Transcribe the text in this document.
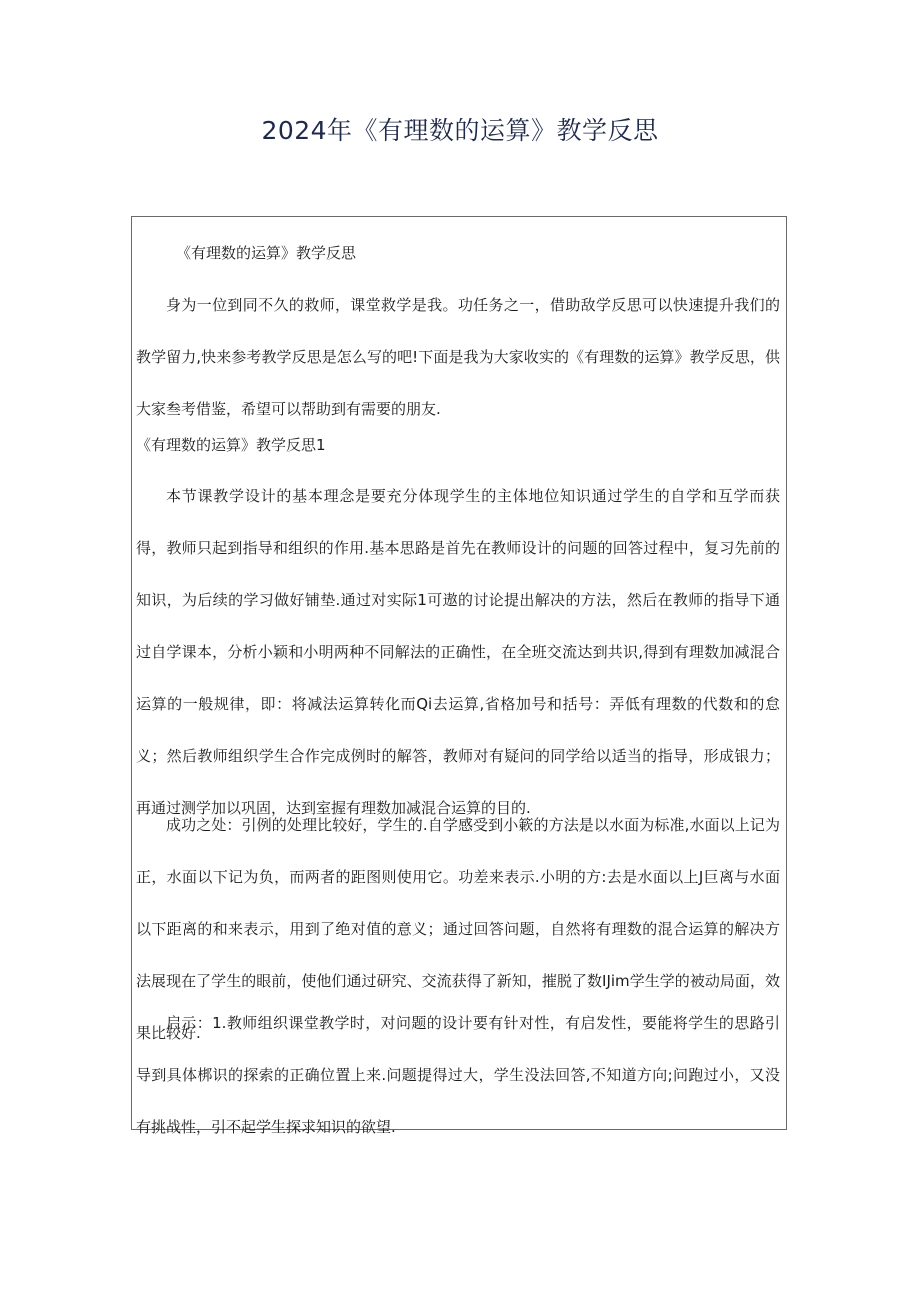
2024年《有理数的运算》教学反思

《有理数的运算》教学反思

身为一位到同不久的救师，课堂救学是我。功任务之一，借助敌学反思可以快速提升我们的教学留力,快来参考教学反思是怎么写的吧!下面是我为大家收实的《有理数的运算》教学反思，供大家叁考借鉴，希望可以帮助到有需要的朋友.

《有理数的运算》教学反思1

本节课教学设计的基本理念是要充分体现学生的主体地位知识通过学生的自学和互学而获得，教师只起到指导和组织的作用.基本思路是首先在教师设计的问题的回答过程中，复习先前的知识，为后续的学习做好铺垫.通过对实际1可遨的讨论提出解决的方法，然后在教师的指导下通过自学课本，分析小颖和小明两种不同解法的正确性，在全班交流达到共识,得到有理数加减混合运算的一般规律，即：将减法运算转化而Qi去运算,省格加号和括号：弄低有理数的代数和的怠义；然后教师组织学生合作完成例时的解答，教师对有疑问的同学给以适当的指导，形成银力；再通过测学加以巩固，达到室握有理数加减混合运算的目的.

成功之处：引例的处理比较好，学生的.自学感受到小簌的方法是以水面为标准,水面以上记为正，水面以下记为负，而两者的距图则使用它。功差来表示.小明的方:去是水面以上J巨离与水面以下距离的和来表示，用到了绝对值的意义；通过回答问题，自然将有理数的混合运算的解决方法展现在了学生的眼前，使他们通过研究、交流获得了新知，摧脱了数IJim学生学的被动局面，效果比较好.

启示：1.教师组织课堂教学时，对问题的设计要有针对性，有启发性，要能将学生的思路引导到具体梆识的探索的正确位置上来.问题提得过大，学生没法回答,不知道方向;问跑过小，又没有挑战性，引不起学生探求知识的欲望.
